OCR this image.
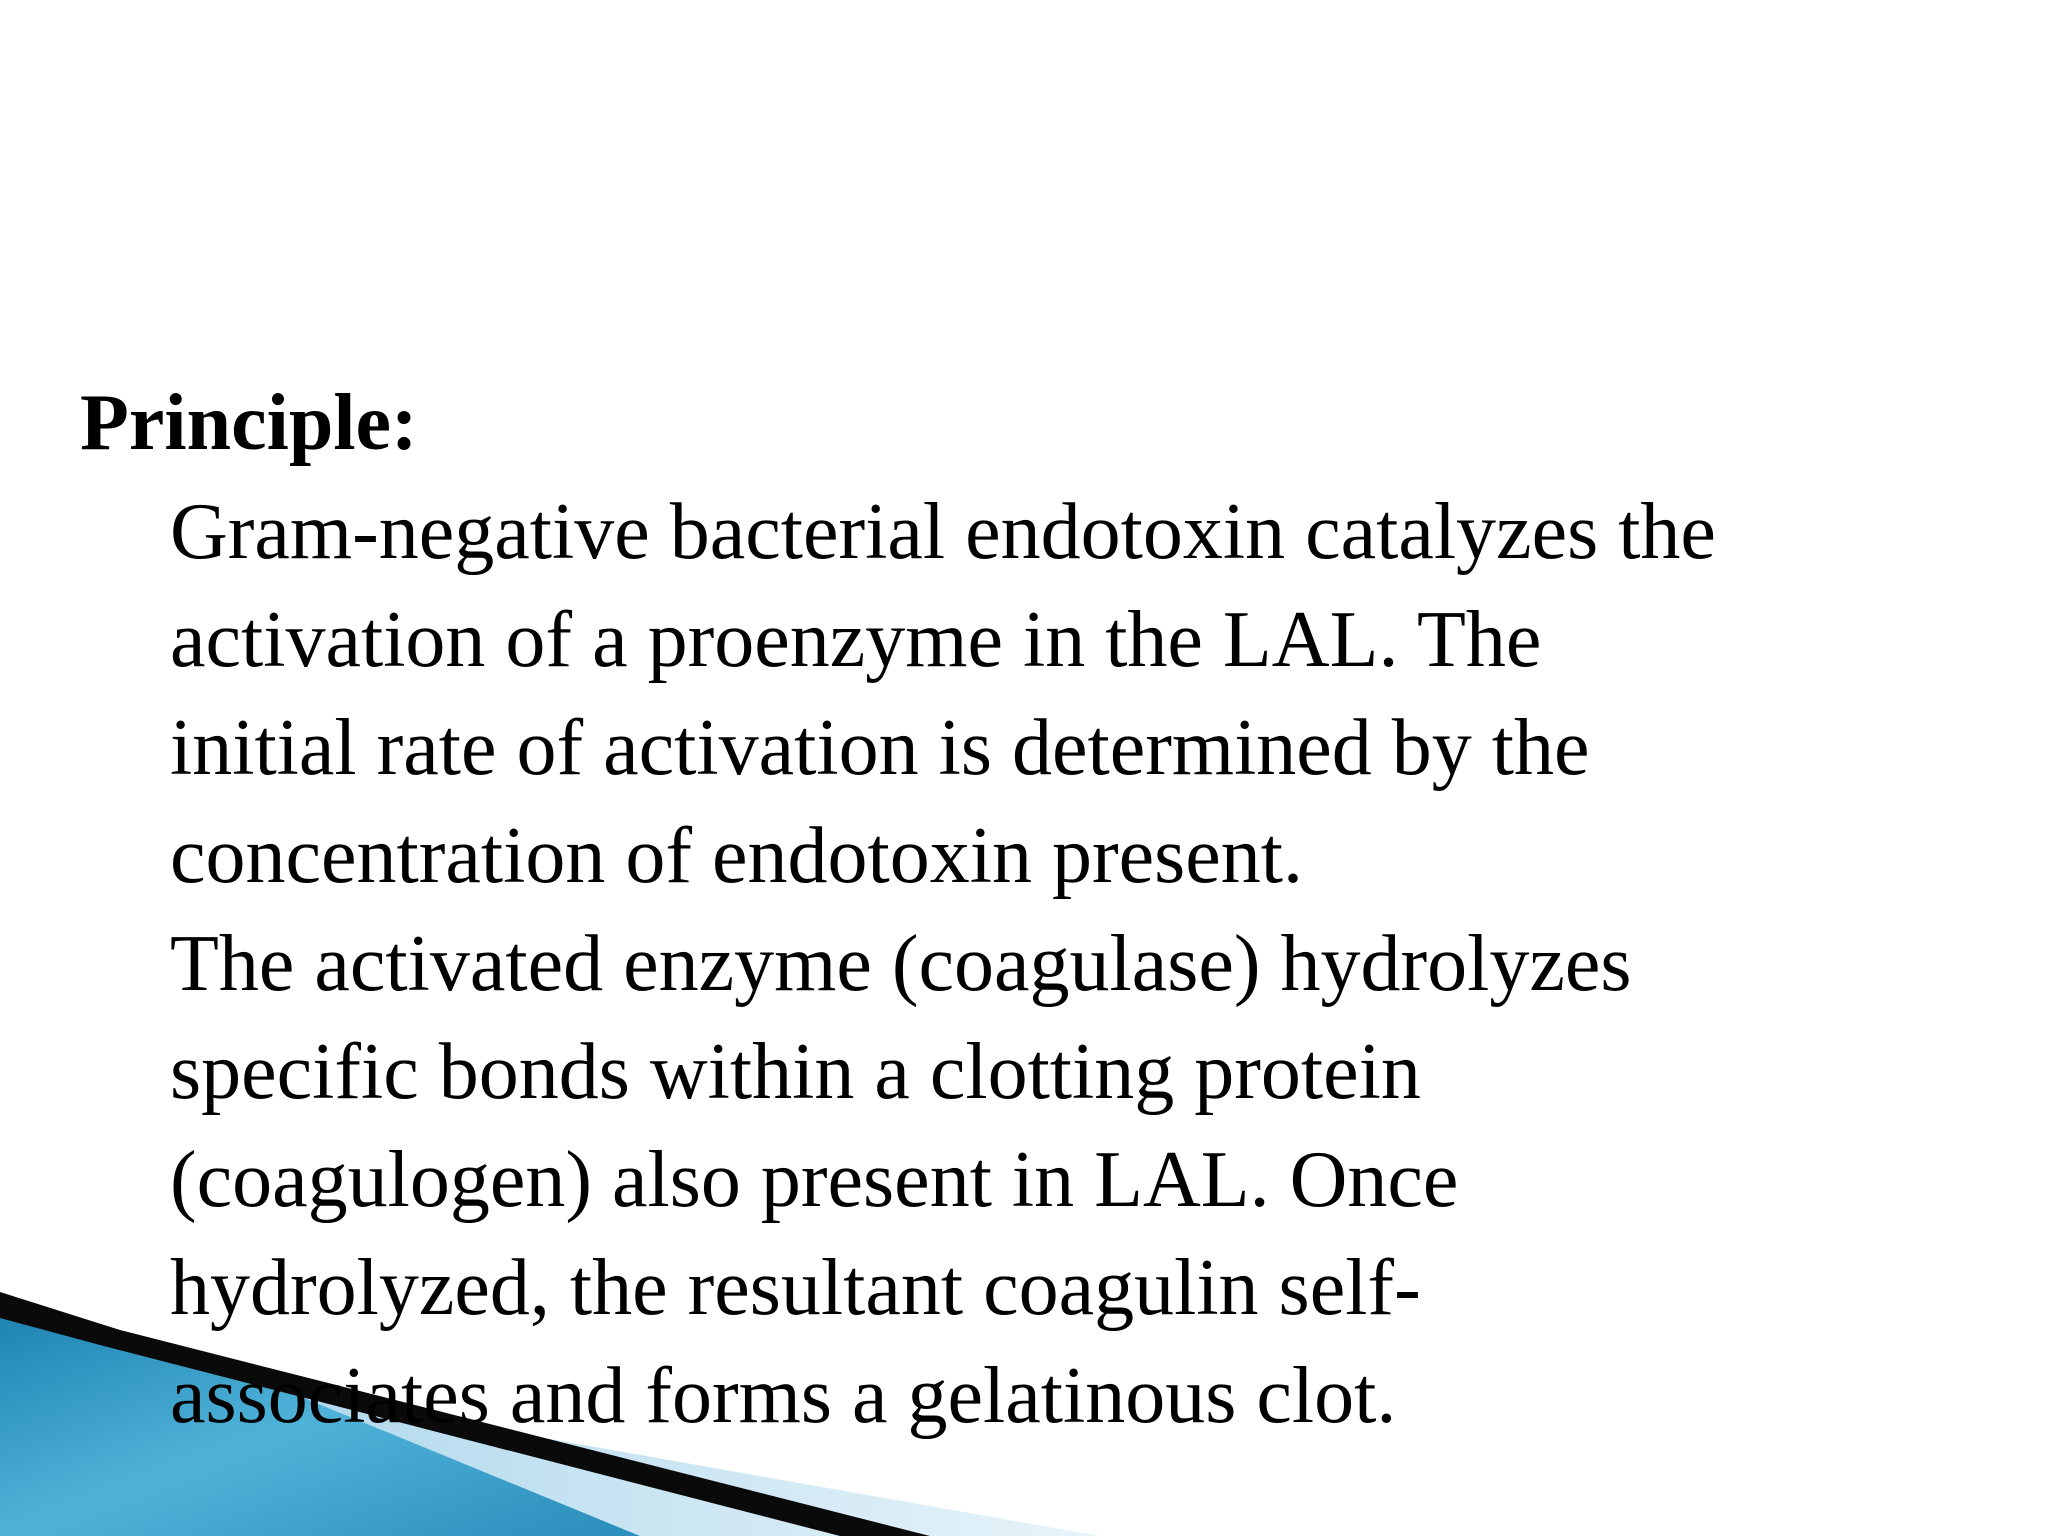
Principle:

Gram-negative bacterial endotoxin catalyzes the
activation of a proenzyme in the LAL. The
initial rate of activation is determined by the
concentration of endotoxin present.

The activated enzyme (coagulase) hydrolyzes
specific bonds within a clotting protein
(coagulogen) also present in LAL. Once
hydrolyzed, the resultant coagulin self-
associates and forms a gelatinous clot.
